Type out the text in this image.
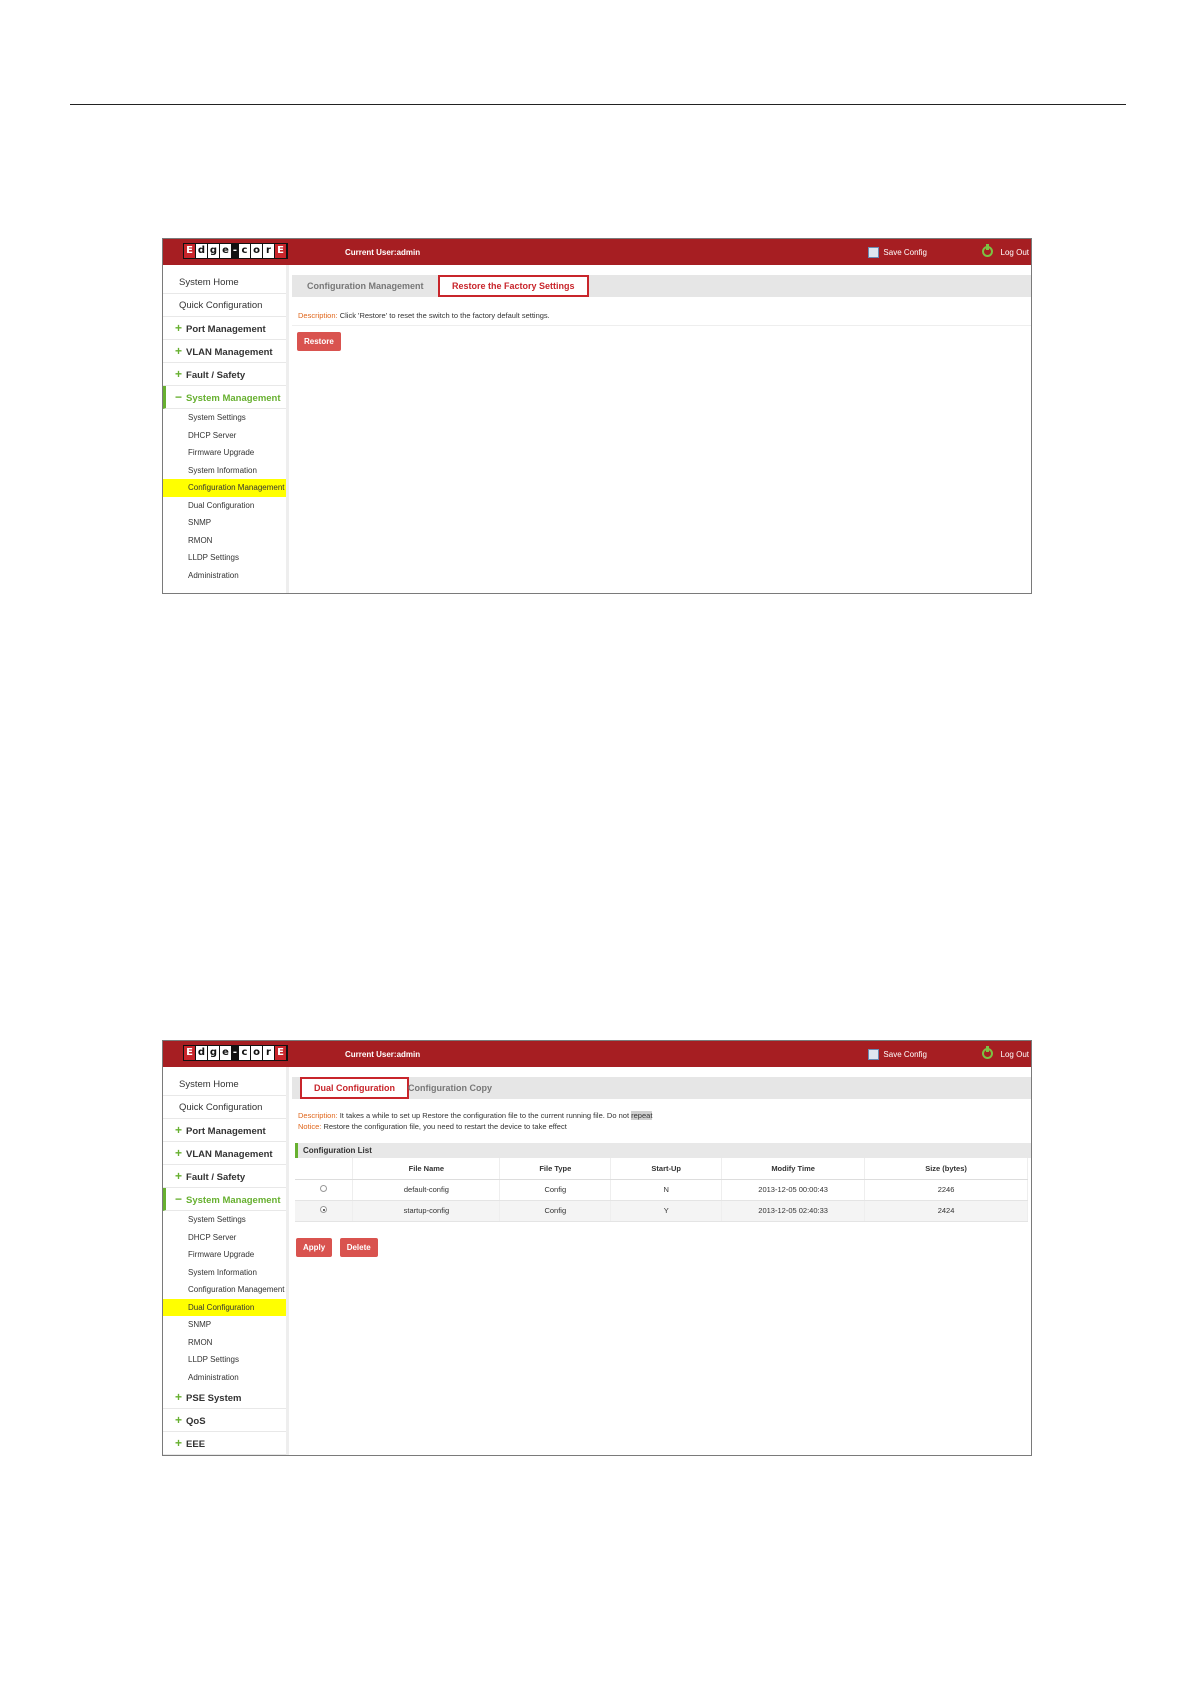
E d g e - c o r E	Current User:admin	Save Config	Log Out
System Home
Quick Configuration
+ Port Management
+ VLAN Management
+ Fault / Safety
− System Management
System Settings
DHCP Server
Firmware Upgrade
System Information
Configuration Management
Dual Configuration
SNMP
RMON
LLDP Settings
Administration
Configuration Management	Restore the Factory Settings
Description: Click 'Restore' to reset the switch to the factory default settings.
Restore
E d g e - c o r E	Current User:admin	Save Config	Log Out
System Home
Quick Configuration
+ Port Management
+ VLAN Management
+ Fault / Safety
− System Management
System Settings
DHCP Server
Firmware Upgrade
System Information
Configuration Management
Dual Configuration
SNMP
RMON
LLDP Settings
Administration
+ PSE System
+ QoS
+ EEE
Dual Configuration	Configuration Copy
Description: It takes a while to set up Restore the configuration file to the current running file. Do not repeat
Notice: Restore the configuration file, you need to restart the device to take effect
Configuration List
	File Name	File Type	Start-Up	Modify Time	Size (bytes)
	default-config	Config	N	2013-12-05 00:00:43	2246
	startup-config	Config	Y	2013-12-05 02:40:33	2424
Apply	Delete
